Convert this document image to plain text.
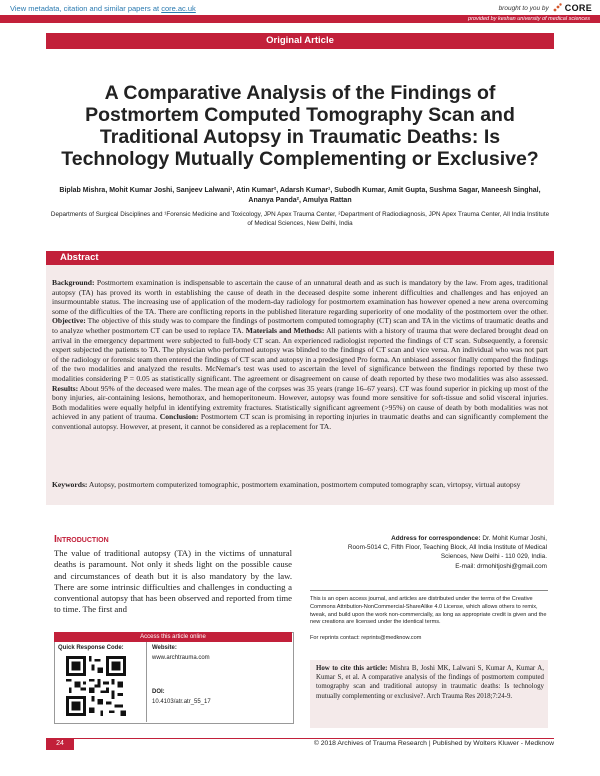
View metadata, citation and similar papers at core.ac.uk	brought to you by CORE
provided by keshan university of medical sciences
Original Article
A Comparative Analysis of the Findings of Postmortem Computed Tomography Scan and Traditional Autopsy in Traumatic Deaths: Is Technology Mutually Complementing or Exclusive?
Biplab Mishra, Mohit Kumar Joshi, Sanjeev Lalwani¹, Atin Kumar², Adarsh Kumar¹, Subodh Kumar, Amit Gupta, Sushma Sagar, Maneesh Singhal, Ananya Panda², Amulya Rattan
Departments of Surgical Disciplines and ¹Forensic Medicine and Toxicology, JPN Apex Trauma Center, ²Department of Radiodiagnosis, JPN Apex Trauma Center, All India Institute of Medical Sciences, New Delhi, India
Abstract
Background: Postmortem examination is indispensable to ascertain the cause of an unnatural death and as such is mandatory by the law. From ages, traditional autopsy (TA) has proved its worth in establishing the cause of death in the deceased despite some inherent difficulties and challenges and has enjoyed an insurmountable status. The increasing use of application of the modern-day radiology for postmortem examination has however opened a new arena overcoming some of the difficulties of the TA. There are conflicting reports in the published literature regarding superiority of one modality of the postmortem over the other. Objective: The objective of this study was to compare the findings of postmortem computed tomography (CT) scan and TA in the victims of traumatic deaths and to analyze whether postmortem CT can be used to replace TA. Materials and Methods: All patients with a history of trauma that were declared brought dead on arrival in the emergency department were subjected to full-body CT scan. An experienced radiologist reported the findings of CT scan. Subsequently, a forensic expert subjected the patients to TA. The physician who performed autopsy was blinded to the findings of CT scan and vice versa. An individual who was not part of the radiology or forensic team then entered the findings of CT scan and autopsy in a predesigned Pro forma. An unbiased assessor finally compared the findings of the two modalities and analyzed the results. McNemar's test was used to ascertain the level of significance between the findings reported by these two modalities considering P = 0.05 as statistically significant. The agreement or disagreement on cause of death reported by these two modalities was also assessed. Results: About 95% of the deceased were males. The mean age of the corpses was 35 years (range 16–67 years). CT was found superior in picking up most of the bony injuries, air-containing lesions, hemothorax, and hemoperitoneum. However, autopsy was found more sensitive for soft-tissue and solid visceral injuries. Both modalities were equally helpful in identifying extremity fractures. Statistically significant agreement (>95%) on cause of death by both modalities was not achieved in any patient of trauma. Conclusion: Postmortem CT scan is promising in reporting injuries in traumatic deaths and can significantly complement the conventional autopsy. However, at present, it cannot be considered as a replacement for TA.
Keywords: Autopsy, postmortem computerized tomographic, postmortem examination, postmortem computed tomography scan, virtopsy, virtual autopsy
Introduction
The value of traditional autopsy (TA) in the victims of unnatural deaths is paramount. Not only it sheds light on the possible cause and circumstances of death but it is also mandatory by the law. There are some intrinsic difficulties and challenges in conducting a conventional autopsy that has been observed and reported from time to time. The first and
Address for correspondence: Dr. Mohit Kumar Joshi,
Room-5014 C, Fifth Floor, Teaching Block, All India Institute of Medical
Sciences, New Delhi - 110 029, India.
E-mail: drmohitjoshi@gmail.com
This is an open access journal, and articles are distributed under the terms of the Creative Commons Attribution-NonCommercial-ShareAlike 4.0 License, which allows others to remix, tweak, and build upon the work non-commercially, as long as appropriate credit is given and the new creations are licensed under the identical terms.
For reprints contact: reprints@medknow.com
Access this article online
Quick Response Code:	Website:
www.archtrauma.com
DOI:
10.4103/atr.atr_55_17
How to cite this article: Mishra B, Joshi MK, Lalwani S, Kumar A, Kumar A, Kumar S, et al. A comparative analysis of the findings of postmortem computed tomography scan and traditional autopsy in traumatic deaths: Is technology mutually complementing or exclusive?. Arch Trauma Res 2018;7:24-9.
24	© 2018 Archives of Trauma Research | Published by Wolters Kluwer - Medknow
